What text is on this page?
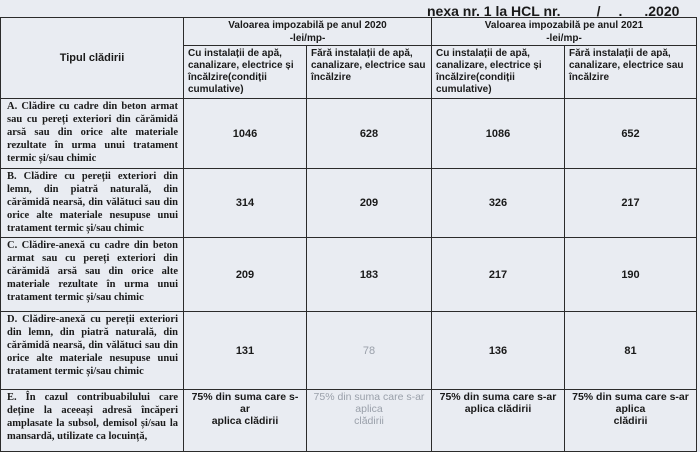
nexa nr. 1 la HCL nr.	/ . .2020
Tipul clădirii	Valoarea impozabilă pe anul 2020
-lei/mp-		Valoarea impozabilă pe anul 2021
-lei/mp-	

	Cu instalații de apă, canalizare, electrice și încălzire(condiții cumulative)	Fără instalații de apă, canalizare, electrice sau încălzire	Cu instalații de apă, canalizare, electrice și încălzire(condiții cumulative)	Fără instalații de apă, canalizare, electrice sau încălzire
A. Clădire cu cadre din beton armat sau cu pereți exteriori din cărămidă arsă sau din orice alte materiale rezultate în urma unui tratament termic și/sau chimic	1046	628	1086	652
B. Clădire cu pereții exteriori din lemn, din piatră naturală, din cărămidă nearsă, din vălătuci sau din orice alte materiale nesupuse unui tratament termic și/sau chimic	314	209	326	217
C. Clădire-anexă cu cadre din beton armat sau cu pereți exteriori din cărămidă arsă sau din orice alte materiale rezultate în urma unui tratament termic și/sau chimic	209	183	217	190
D. Clădire-anexă cu pereții exteriori din lemn, din piatră naturală, din cărămidă nearsă, din vălătuci sau din orice alte materiale nesupuse unui tratament termic și/sau chimic	131	78	136	81
E. În cazul contribuabilului care deține la aceeași adresă încăperi amplasate la subsol, demisol și/sau la mansardă, utilizate ca locuință,	75% din suma care s-ar
aplica clădirii	75% din suma care s-ar
aplica
clădirii	75% din suma care s-ar
aplica clădirii	75% din suma care s-ar
aplica
clădirii
